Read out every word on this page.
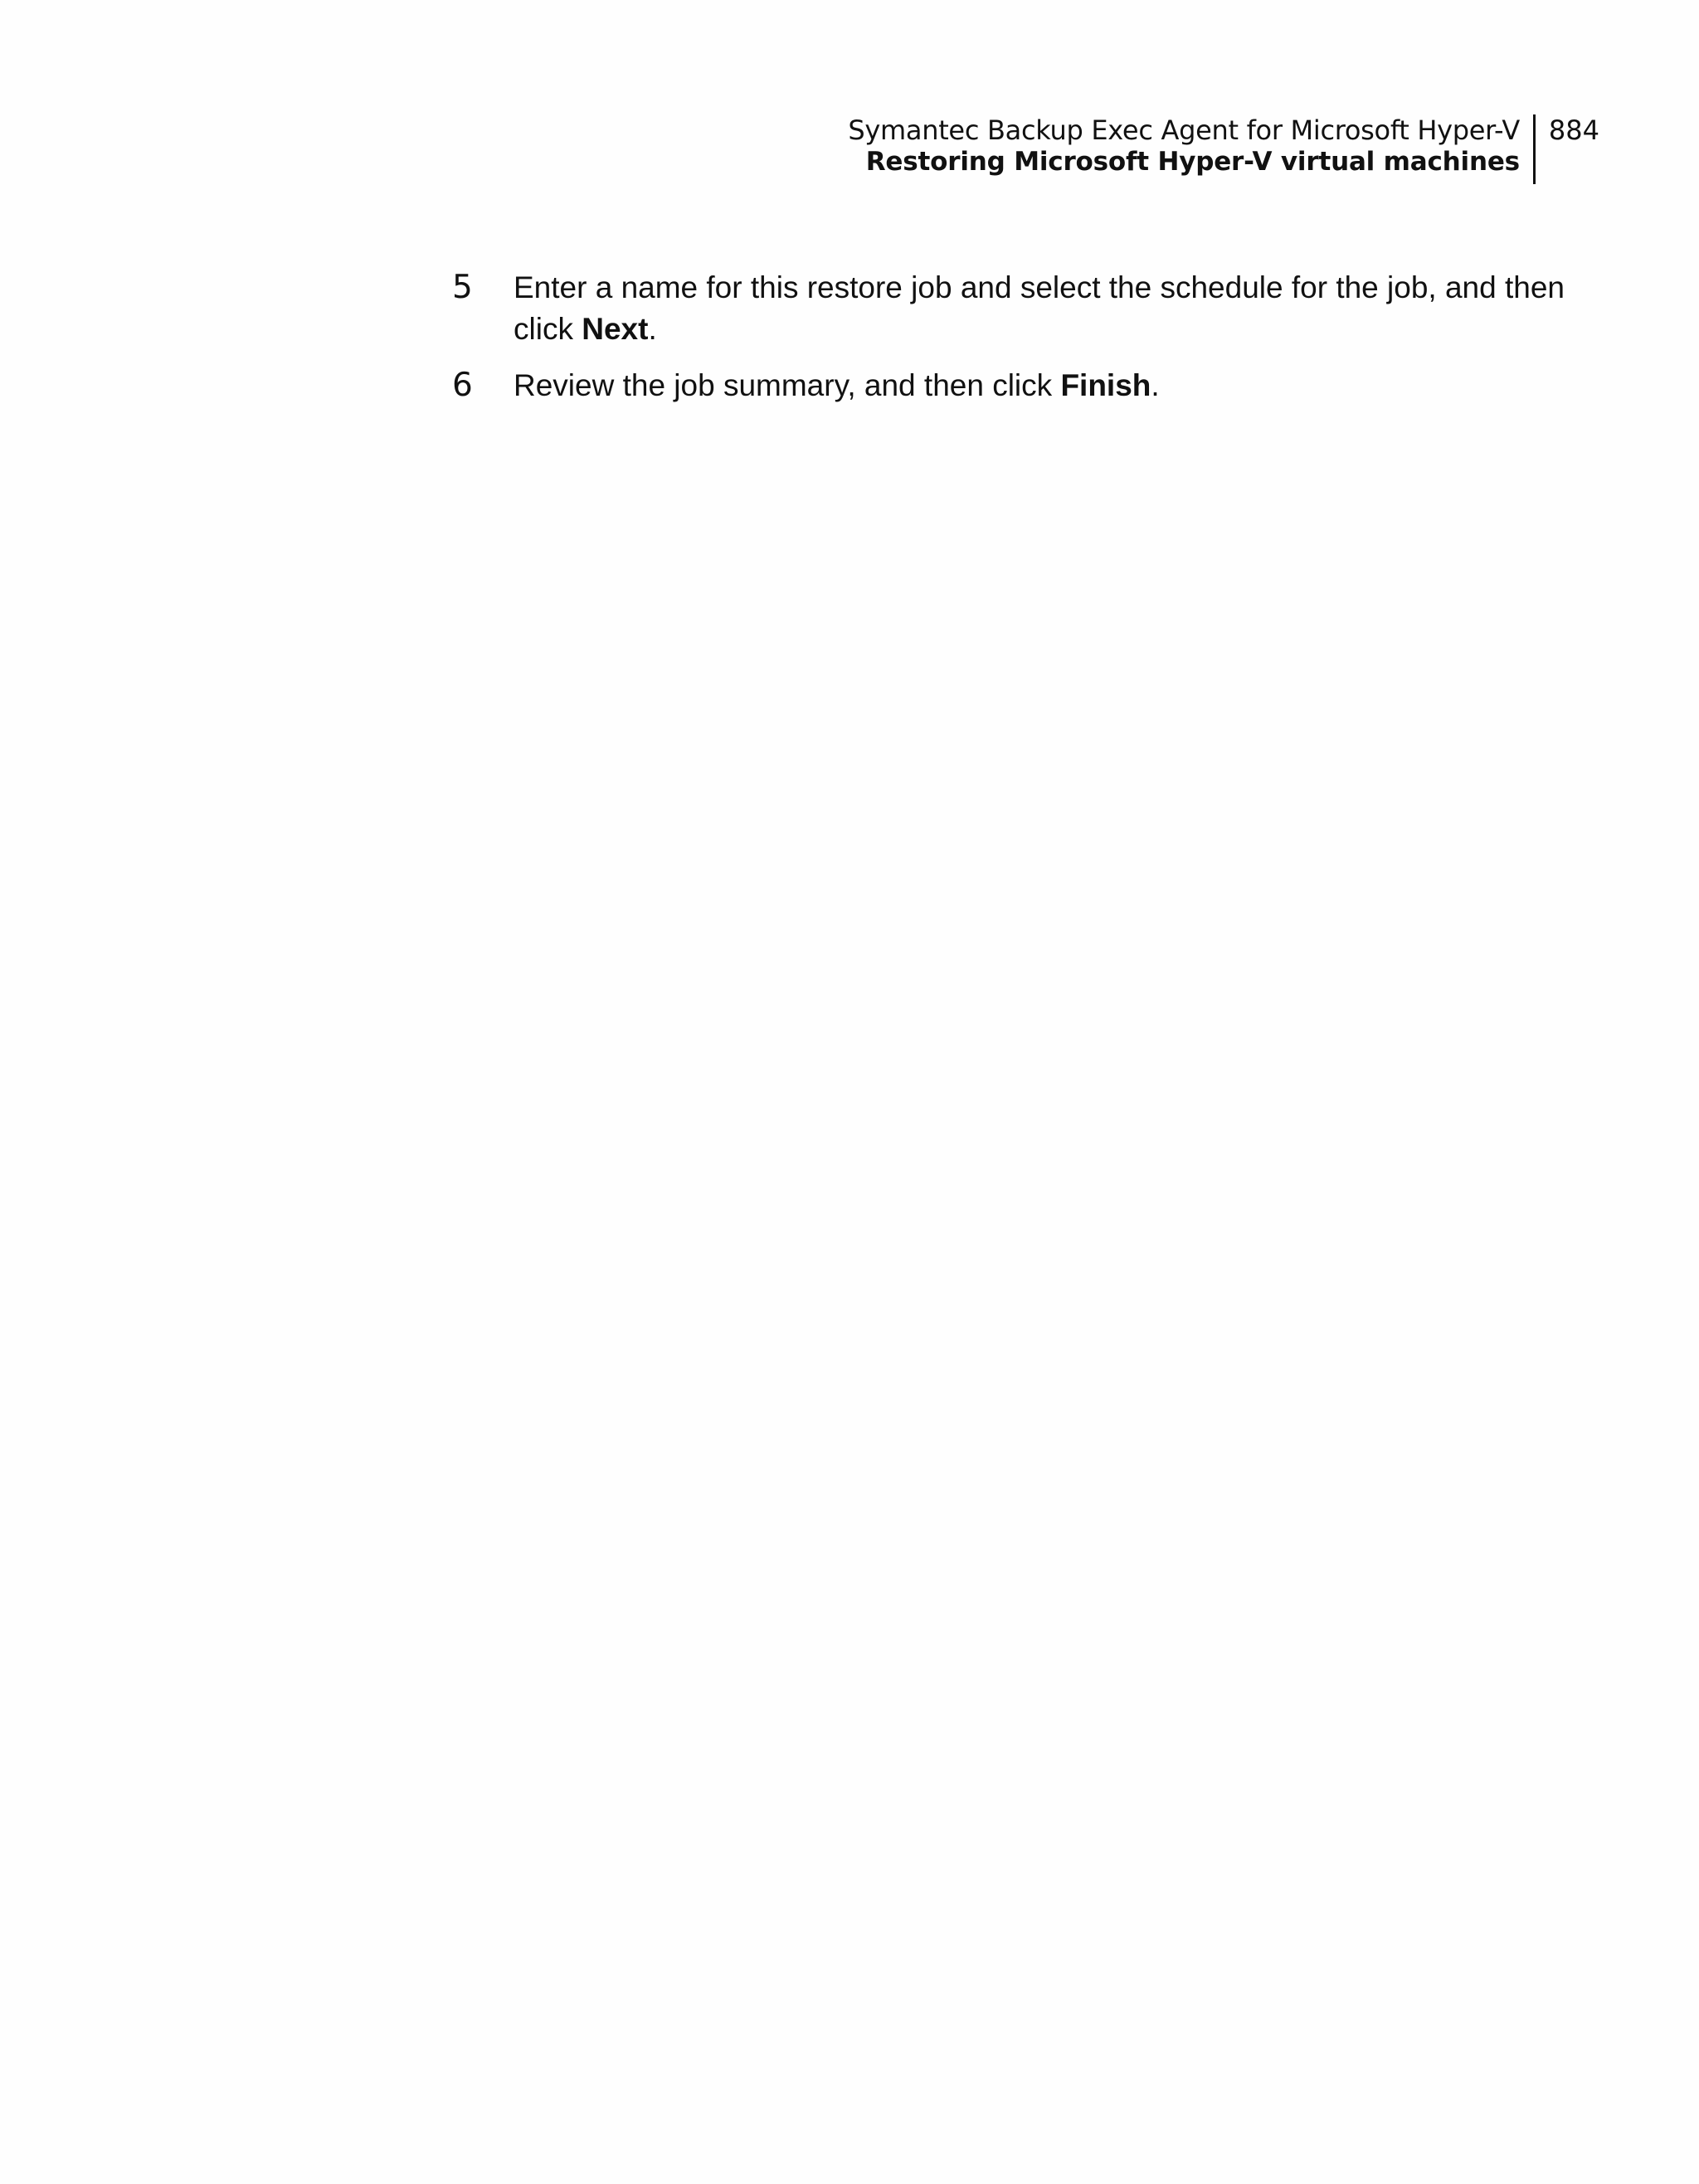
Symantec Backup Exec Agent for Microsoft Hyper-V
Restoring Microsoft Hyper-V virtual machines
884
5	Enter a name for this restore job and select the schedule for the job, and then click Next.
6	Review the job summary, and then click Finish.
